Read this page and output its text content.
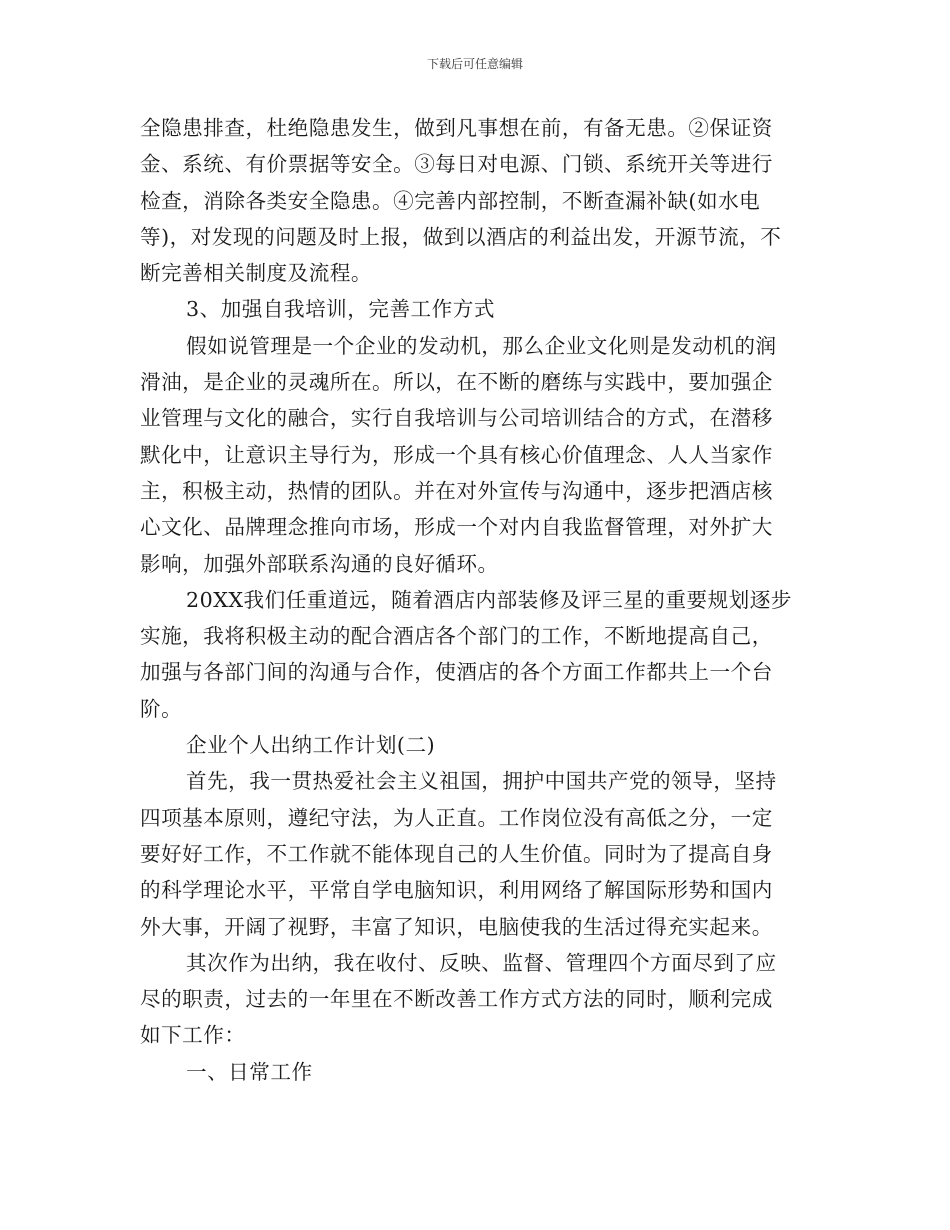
下载后可任意编辑
全隐患排查，杜绝隐患发生，做到凡事想在前，有备无患。②保证资
金、系统、有价票据等安全。③每日对电源、门锁、系统开关等进行
检查，消除各类安全隐患。④完善内部控制，不断查漏补缺(如水电
等)，对发现的问题及时上报，做到以酒店的利益出发，开源节流，不
断完善相关制度及流程。
3、加强自我培训，完善工作方式
假如说管理是一个企业的发动机，那么企业文化则是发动机的润
滑油，是企业的灵魂所在。所以，在不断的磨练与实践中，要加强企
业管理与文化的融合，实行自我培训与公司培训结合的方式，在潜移
默化中，让意识主导行为，形成一个具有核心价值理念、人人当家作
主，积极主动，热情的团队。并在对外宣传与沟通中，逐步把酒店核
心文化、品牌理念推向市场，形成一个对内自我监督管理，对外扩大
影响，加强外部联系沟通的良好循环。
20XX我们任重道远，随着酒店内部装修及评三星的重要规划逐步
实施，我将积极主动的配合酒店各个部门的工作，不断地提高自己，
加强与各部门间的沟通与合作，使酒店的各个方面工作都共上一个台
阶。
企业个人出纳工作计划(二)
首先，我一贯热爱社会主义祖国，拥护中国共产党的领导，坚持
四项基本原则，遵纪守法，为人正直。工作岗位没有高低之分，一定
要好好工作，不工作就不能体现自己的人生价值。同时为了提高自身
的科学理论水平，平常自学电脑知识，利用网络了解国际形势和国内
外大事，开阔了视野，丰富了知识，电脑使我的生活过得充实起来。
其次作为出纳，我在收付、反映、监督、管理四个方面尽到了应
尽的职责，过去的一年里在不断改善工作方式方法的同时，顺利完成
如下工作：
一、日常工作
